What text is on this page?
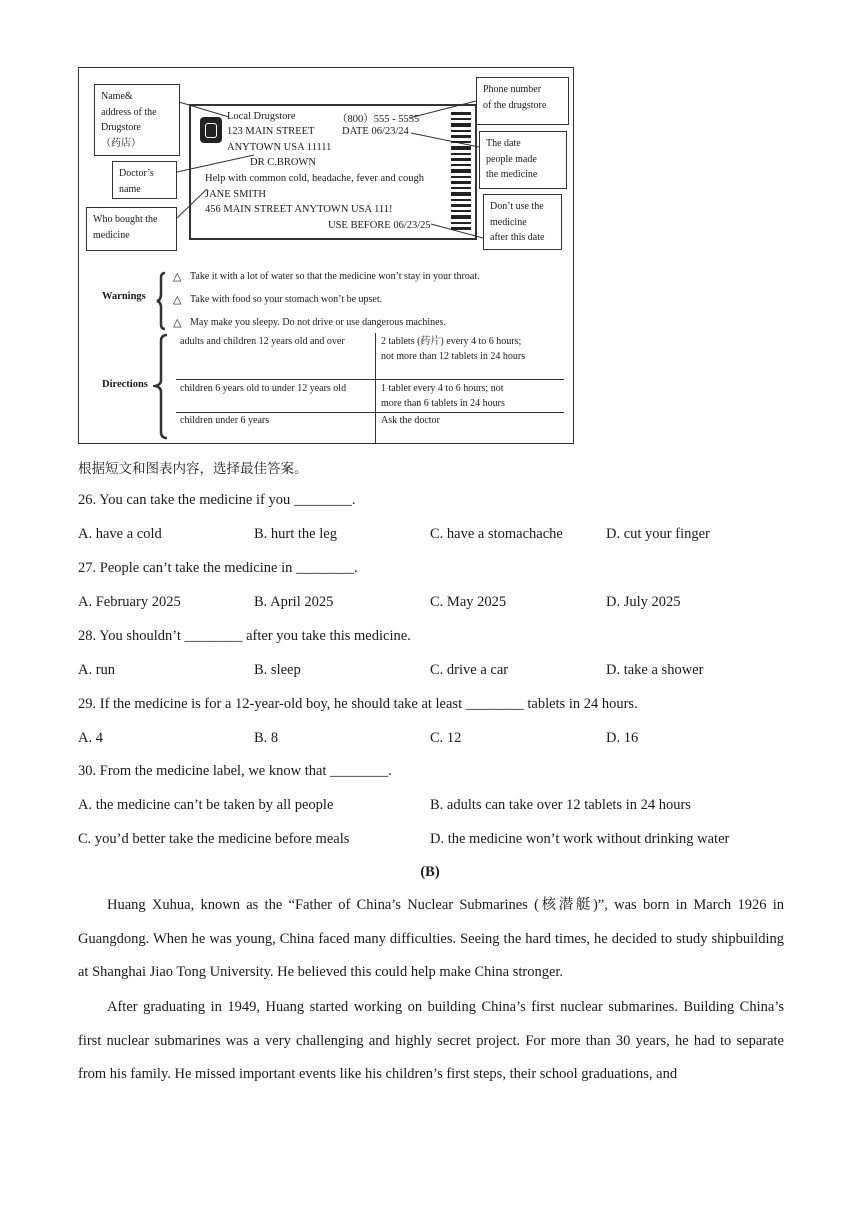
Name&
address of the
Drugstore
（药店）
Doctor’s
name
Who bought the
medicine
Phone number
of the drugstore
The date
people made
the medicine
Don’t use the
medicine
after this date
Local Drugstore	（800）555 - 5555
123 MAIN STREET	DATE 06/23/24
ANYTOWN USA 11111
DR C.BROWN
Help with common cold, headache, fever and cough
JANE SMITH
456 MAIN STREET ANYTOWN USA 111!
USE BEFORE 06/23/25
Warnings
△ Take it with a lot of water so that the medicine won’t stay in your throat.
△ Take with food so your stomach won’t be upset.
△ May make you sleepy. Do not drive or use dangerous machines.
Directions
adults and children 12 years old and over	2 tablets (药片) every 4 to 6 hours;
not more than 12 tablets in 24 hours
children 6 years old to under 12 years old	1 tablet every 4 to 6 hours; not
more than 6 tablets in 24 hours
children under 6 years	Ask the doctor
根据短文和图表内容，选择最佳答案。
26. You can take the medicine if you ________.
A. have a cold	B. hurt the leg	C. have a stomachache	D. cut your finger
27. People can’t take the medicine in ________.
A. February 2025	B. April 2025	C. May 2025	D. July 2025
28. You shouldn’t ________ after you take this medicine.
A. run	B. sleep	C. drive a car	D. take a shower
29. If the medicine is for a 12-year-old boy, he should take at least ________ tablets in 24 hours.
A. 4	B. 8	C. 12	D. 16
30. From the medicine label, we know that ________.
A. the medicine can’t be taken by all people	B. adults can take over 12 tablets in 24 hours
C. you’d better take the medicine before meals	D. the medicine won’t work without drinking water
(B)
Huang Xuhua, known as the “Father of China’s Nuclear Submarines (核潜艇)”, was born in March 1926 in Guangdong. When he was young, China faced many difficulties. Seeing the hard times, he decided to study shipbuilding at Shanghai Jiao Tong University. He believed this could help make China stronger.
After graduating in 1949, Huang started working on building China’s first nuclear submarines. Building China’s first nuclear submarines was a very challenging and highly secret project. For more than 30 years, he had to separate from his family. He missed important events like his children’s first steps, their school graduations, and
